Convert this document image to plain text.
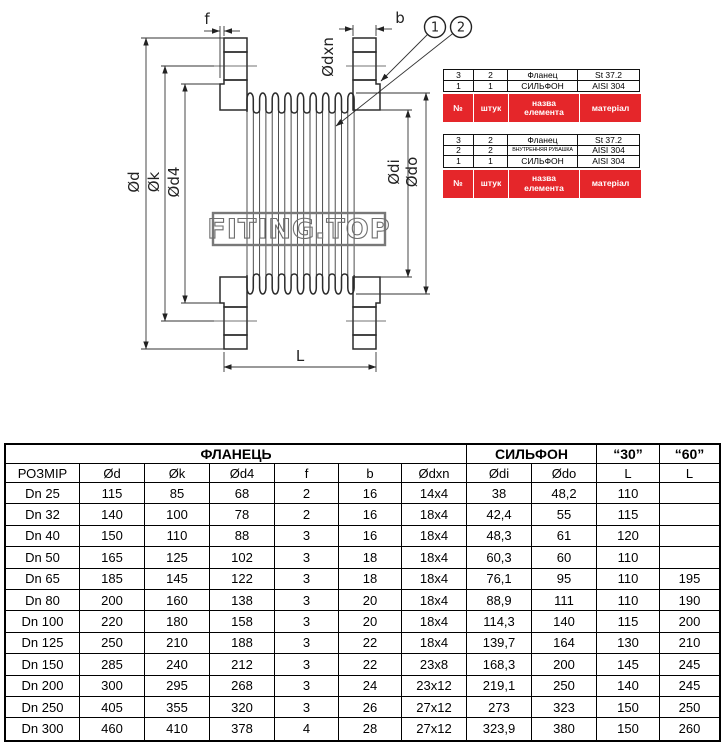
Ød Øk Ød4	Ødi Ødo
L
f	b
Ødxn
1 2
FITING.TOP
3	2	Фланец	St 37.2
1	1	СИЛЬФОН	AISI 304
№	штук	назва елемента	матеріал
3	2	Фланец	St 37.2
2	2	ВНУТРЕННЯЯ РУБАШКА	AISI 304
1	1	СИЛЬФОН	AISI 304
№	штук	назва елемента	матеріал
ФЛАНЕЦЬ	СИЛЬФОН	“30”	“60”
РОЗМІР	Ød	Øk	Ød4	f	b	Ødxn	Ødi	Ødo	L	L
Dn 25	115	85	68	2	16	14x4	38	48,2	110
Dn 32	140	100	78	2	16	18x4	42,4	55	115
Dn 40	150	110	88	3	16	18x4	48,3	61	120
Dn 50	165	125	102	3	18	18x4	60,3	60	110
Dn 65	185	145	122	3	18	18x4	76,1	95	110	195
Dn 80	200	160	138	3	20	18x4	88,9	111	110	190
Dn 100	220	180	158	3	20	18x4	114,3	140	115	200
Dn 125	250	210	188	3	22	18x4	139,7	164	130	210
Dn 150	285	240	212	3	22	23x8	168,3	200	145	245
Dn 200	300	295	268	3	24	23x12	219,1	250	140	245
Dn 250	405	355	320	3	26	27x12	273	323	150	250
Dn 300	460	410	378	4	28	27x12	323,9	380	150	260
